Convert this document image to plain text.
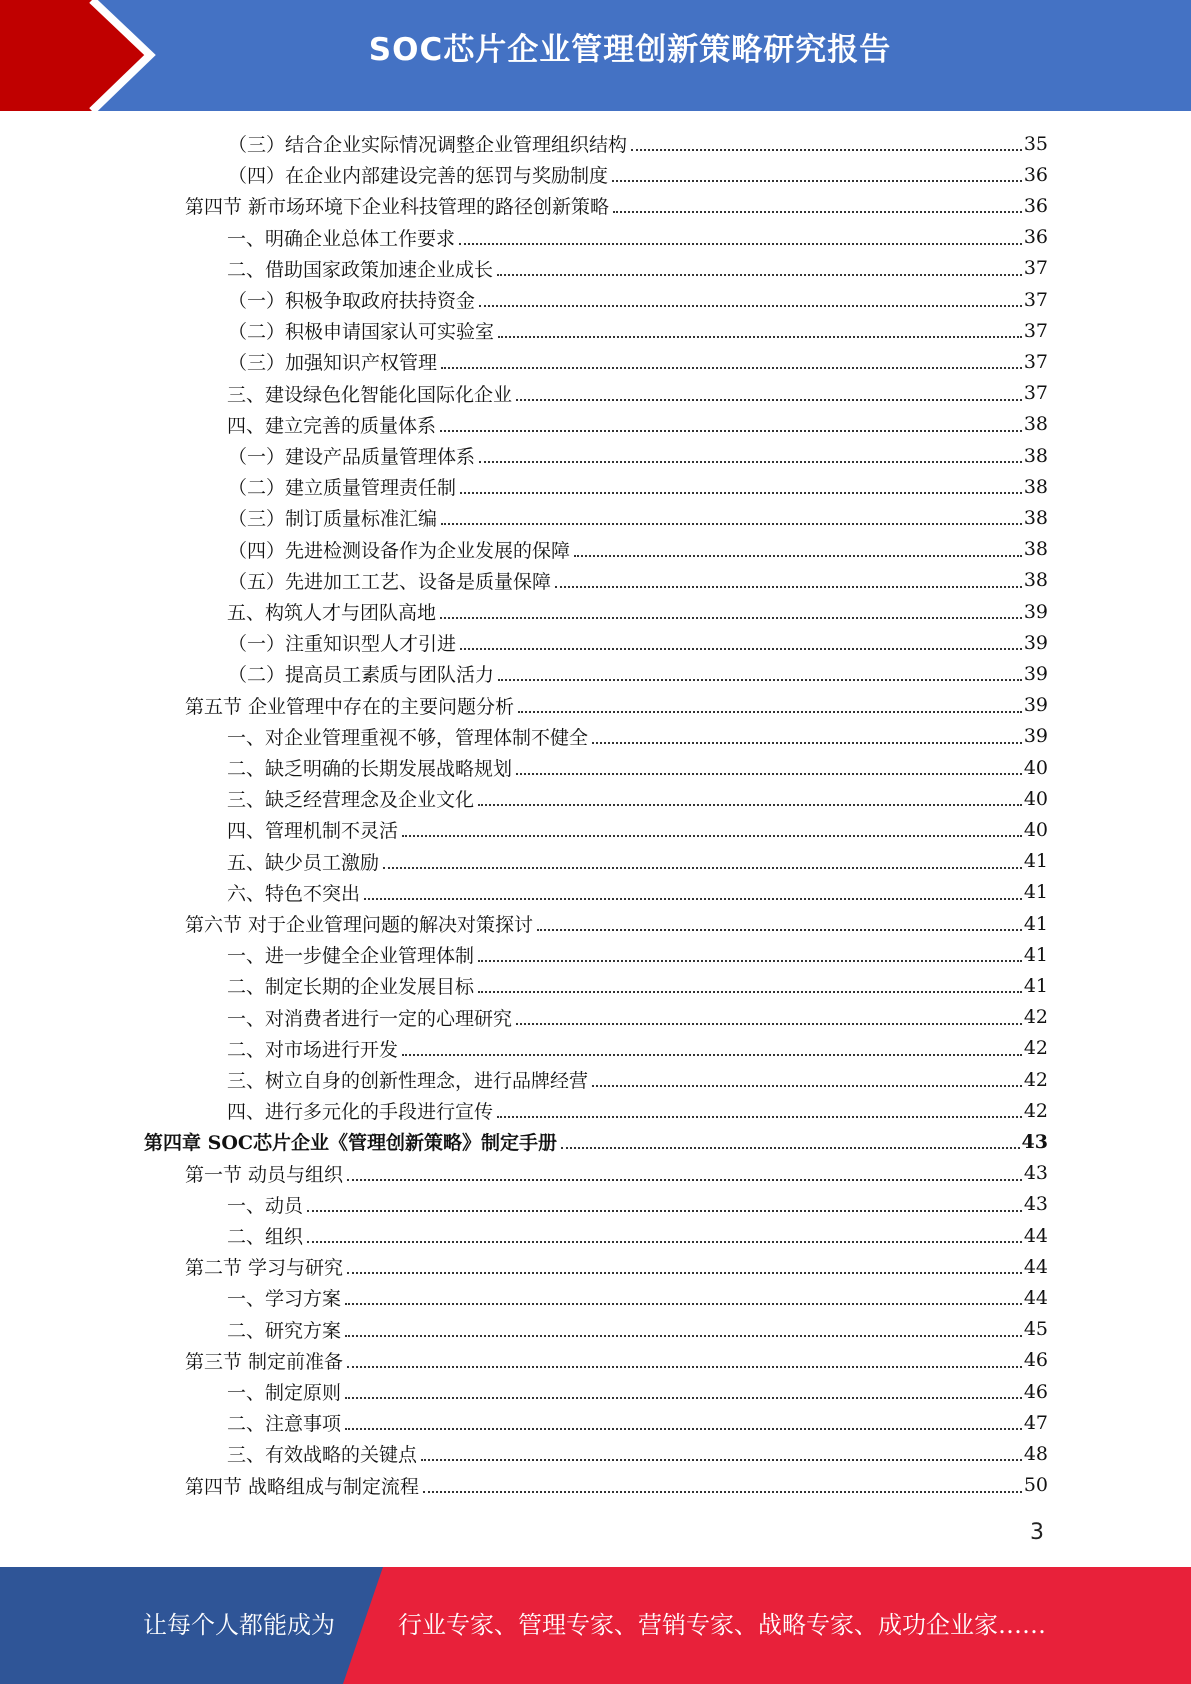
SOC芯片企业管理创新策略研究报告
（三）结合企业实际情况调整企业管理组织结构	35
（四）在企业内部建设完善的惩罚与奖励制度	36
第四节 新市场环境下企业科技管理的路径创新策略	36
一、明确企业总体工作要求	36
二、借助国家政策加速企业成长	37
（一）积极争取政府扶持资金	37
（二）积极申请国家认可实验室	37
（三）加强知识产权管理	37
三、建设绿色化智能化国际化企业	37
四、建立完善的质量体系	38
（一）建设产品质量管理体系	38
（二）建立质量管理责任制	38
（三）制订质量标准汇编	38
（四）先进检测设备作为企业发展的保障	38
（五）先进加工工艺、设备是质量保障	38
五、构筑人才与团队高地	39
（一）注重知识型人才引进	39
（二）提高员工素质与团队活力	39
第五节 企业管理中存在的主要问题分析	39
一、对企业管理重视不够，管理体制不健全	39
二、缺乏明确的长期发展战略规划	40
三、缺乏经营理念及企业文化	40
四、管理机制不灵活	40
五、缺少员工激励	41
六、特色不突出	41
第六节 对于企业管理问题的解决对策探讨	41
一、进一步健全企业管理体制	41
二、制定长期的企业发展目标	41
一、对消费者进行一定的心理研究	42
二、对市场进行开发	42
三、树立自身的创新性理念，进行品牌经营	42
四、进行多元化的手段进行宣传	42
第四章 SOC芯片企业《管理创新策略》制定手册	43
第一节 动员与组织	43
一、动员	43
二、组织	44
第二节 学习与研究	44
一、学习方案	44
二、研究方案	45
第三节 制定前准备	46
一、制定原则	46
二、注意事项	47
三、有效战略的关键点	48
第四节 战略组成与制定流程	50
3
让每个人都能成为	行业专家、管理专家、营销专家、战略专家、成功企业家……
